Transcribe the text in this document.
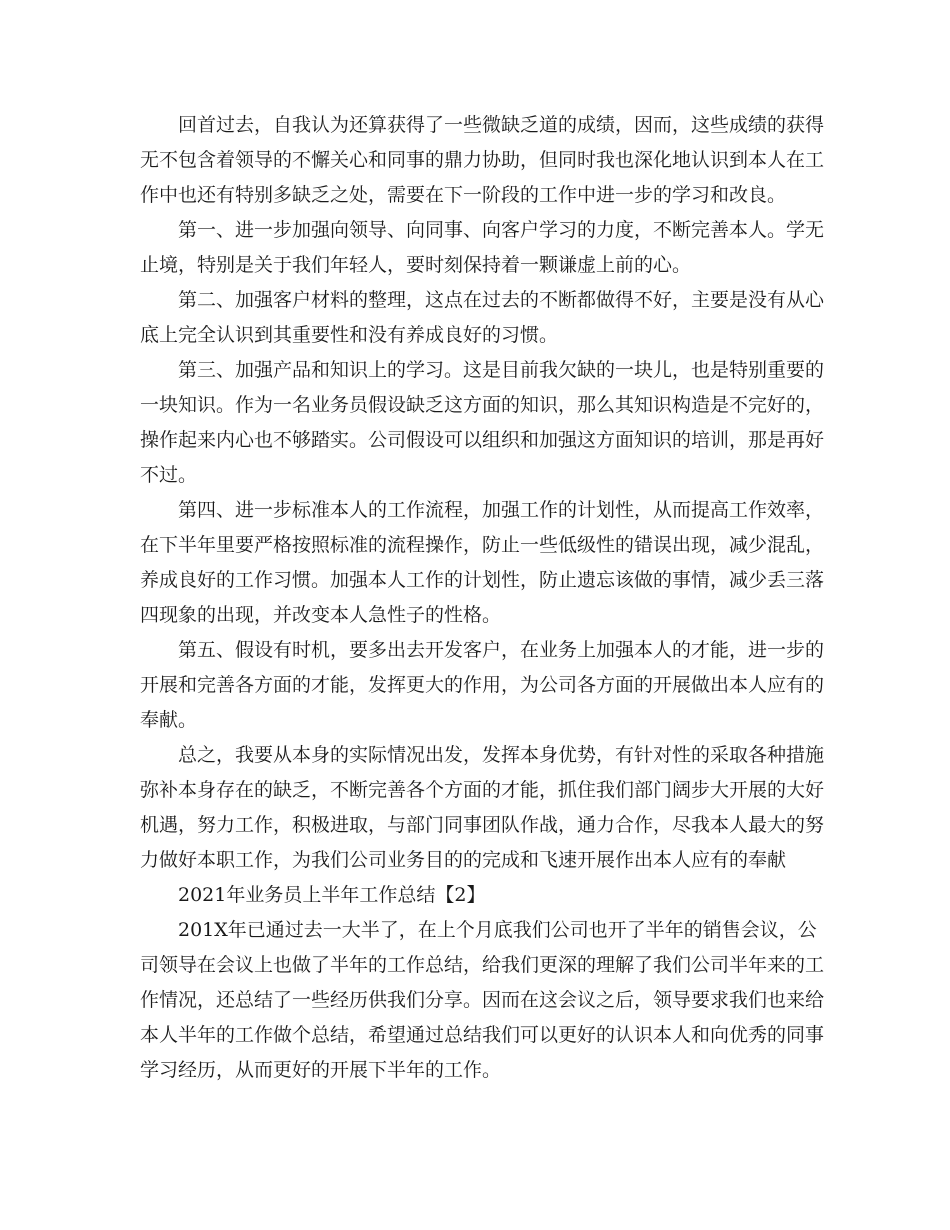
回首过去，自我认为还算获得了一些微缺乏道的成绩，因而，这些成绩的获得
无不包含着领导的不懈关心和同事的鼎力协助，但同时我也深化地认识到本人在工
作中也还有特别多缺乏之处，需要在下一阶段的工作中进一步的学习和改良。
第一、进一步加强向领导、向同事、向客户学习的力度，不断完善本人。学无
止境，特别是关于我们年轻人，要时刻保持着一颗谦虚上前的心。
第二、加强客户材料的整理，这点在过去的不断都做得不好，主要是没有从心
底上完全认识到其重要性和没有养成良好的习惯。
第三、加强产品和知识上的学习。这是目前我欠缺的一块儿，也是特别重要的
一块知识。作为一名业务员假设缺乏这方面的知识，那么其知识构造是不完好的，
操作起来内心也不够踏实。公司假设可以组织和加强这方面知识的培训，那是再好
不过。
第四、进一步标准本人的工作流程，加强工作的计划性，从而提高工作效率，
在下半年里要严格按照标准的流程操作，防止一些低级性的错误出现，减少混乱，
养成良好的工作习惯。加强本人工作的计划性，防止遗忘该做的事情，减少丢三落
四现象的出现，并改变本人急性子的性格。
第五、假设有时机，要多出去开发客户，在业务上加强本人的才能，进一步的
开展和完善各方面的才能，发挥更大的作用，为公司各方面的开展做出本人应有的
奉献。
总之，我要从本身的实际情况出发，发挥本身优势，有针对性的采取各种措施
弥补本身存在的缺乏，不断完善各个方面的才能，抓住我们部门阔步大开展的大好
机遇，努力工作，积极进取，与部门同事团队作战，通力合作，尽我本人最大的努
力做好本职工作，为我们公司业务目的的完成和飞速开展作出本人应有的奉献
2021年业务员上半年工作总结【2】
201X年已通过去一大半了，在上个月底我们公司也开了半年的销售会议，公
司领导在会议上也做了半年的工作总结，给我们更深的理解了我们公司半年来的工
作情况，还总结了一些经历供我们分享。因而在这会议之后，领导要求我们也来给
本人半年的工作做个总结，希望通过总结我们可以更好的认识本人和向优秀的同事
学习经历，从而更好的开展下半年的工作。
